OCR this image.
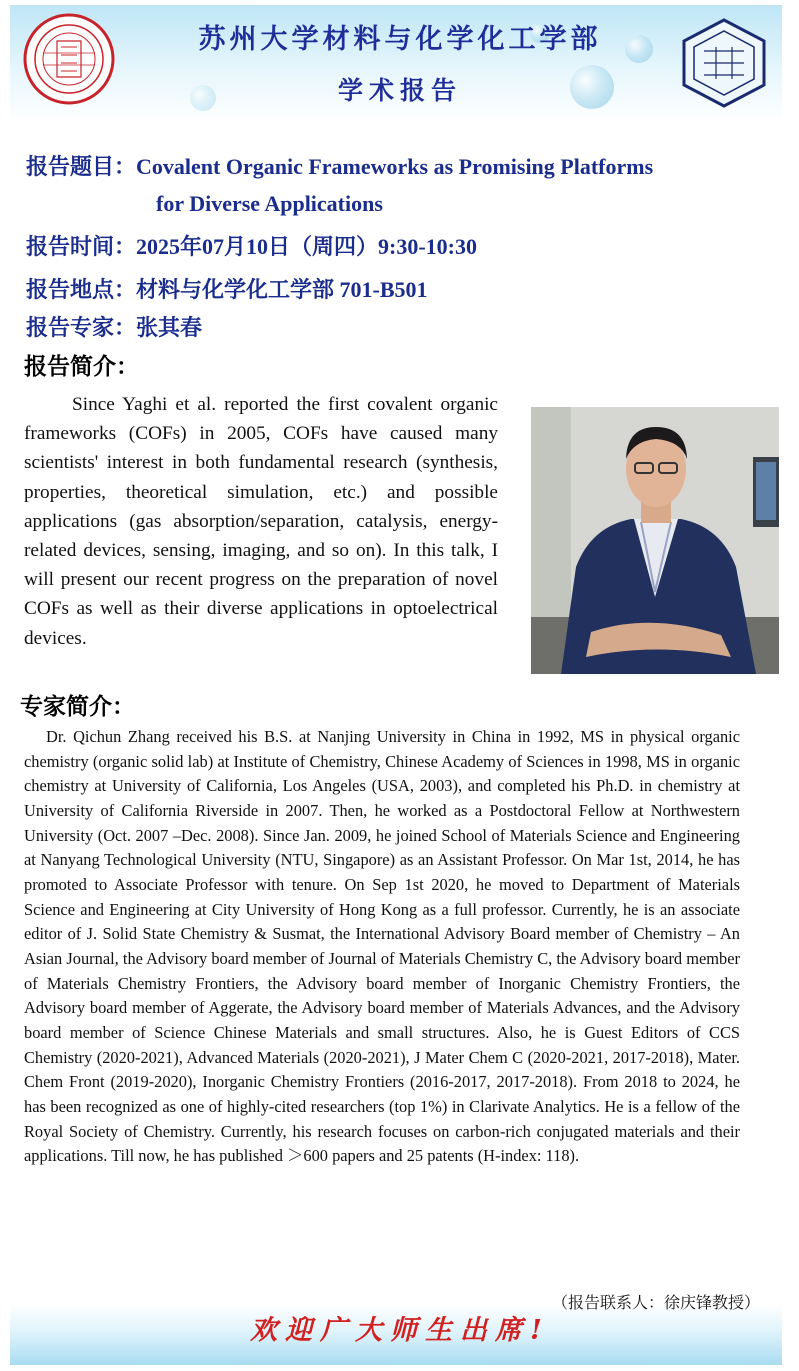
苏州大学材料与化学化工学部
学术报告
报告题目：Covalent Organic Frameworks as Promising Platforms
for Diverse Applications
报告时间：2025年07月10日（周四）9:30-10:30
报告地点：材料与化学化工学部 701-B501
报告专家：张其春
报告简介：

Since Yaghi et al. reported the first covalent organic frameworks (COFs) in 2005, COFs have caused many scientists' interest in both fundamental research (synthesis, properties, theoretical simulation, etc.) and possible applications (gas absorption/separation, catalysis, energy-related devices, sensing, imaging, and so on). In this talk, I will present our recent progress on the preparation of novel COFs as well as their diverse applications in optoelectrical devices.

专家简介：

Dr. Qichun Zhang received his B.S. at Nanjing University in China in 1992, MS in physical organic chemistry (organic solid lab) at Institute of Chemistry, Chinese Academy of Sciences in 1998, MS in organic chemistry at University of California, Los Angeles (USA, 2003), and completed his Ph.D. in chemistry at University of California Riverside in 2007. Then, he worked as a Postdoctoral Fellow at Northwestern University (Oct. 2007 –Dec. 2008). Since Jan. 2009, he joined School of Materials Science and Engineering at Nanyang Technological University (NTU, Singapore) as an Assistant Professor. On Mar 1st, 2014, he has promoted to Associate Professor with tenure. On Sep 1st 2020, he moved to Department of Materials Science and Engineering at City University of Hong Kong as a full professor. Currently, he is an associate editor of J. Solid State Chemistry & Susmat, the International Advisory Board member of Chemistry – An Asian Journal, the Advisory board member of Journal of Materials Chemistry C, the Advisory board member of Materials Chemistry Frontiers, the Advisory board member of Inorganic Chemistry Frontiers, the Advisory board member of Aggerate, the Advisory board member of Materials Advances, and the Advisory board member of Science Chinese Materials and small structures. Also, he is Guest Editors of CCS Chemistry (2020-2021), Advanced Materials (2020-2021), J Mater Chem C (2020-2021, 2017-2018), Mater. Chem Front (2019-2020), Inorganic Chemistry Frontiers (2016-2017, 2017-2018). From 2018 to 2024, he has been recognized as one of highly-cited researchers (top 1%) in Clarivate Analytics. He is a fellow of the Royal Society of Chemistry. Currently, his research focuses on carbon-rich conjugated materials and their applications. Till now, he has published ＞600 papers and 25 patents (H-index: 118).

（报告联系人：徐庆锋教授）
欢迎广大师生出席!
